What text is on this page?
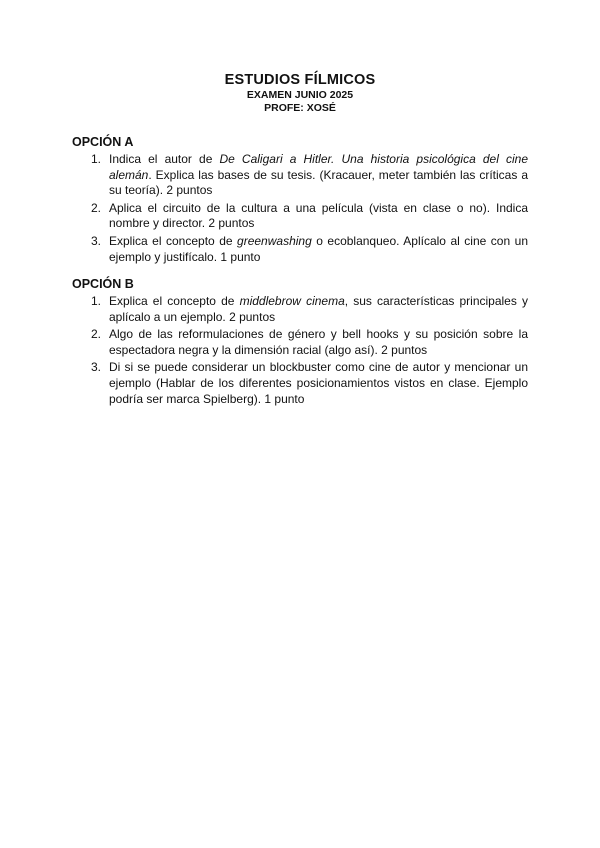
ESTUDIOS FÍLMICOS
EXAMEN JUNIO 2025
PROFE: XOSÉ
OPCIÓN A
1. Indica el autor de De Caligari a Hitler. Una historia psicológica del cine alemán. Explica las bases de su tesis. (Kracauer, meter también las críticas a su teoría). 2 puntos
2. Aplica el circuito de la cultura a una película (vista en clase o no). Indica nombre y director. 2 puntos
3. Explica el concepto de greenwashing o ecoblanqueo. Aplícalo al cine con un ejemplo y justifícalo. 1 punto
OPCIÓN B
1. Explica el concepto de middlebrow cinema, sus características principales y aplícalo a un ejemplo. 2 puntos
2. Algo de las reformulaciones de género y bell hooks y su posición sobre la espectadora negra y la dimensión racial (algo así). 2 puntos
3. Di si se puede considerar un blockbuster como cine de autor y mencionar un ejemplo (Hablar de los diferentes posicionamientos vistos en clase. Ejemplo podría ser marca Spielberg). 1 punto
